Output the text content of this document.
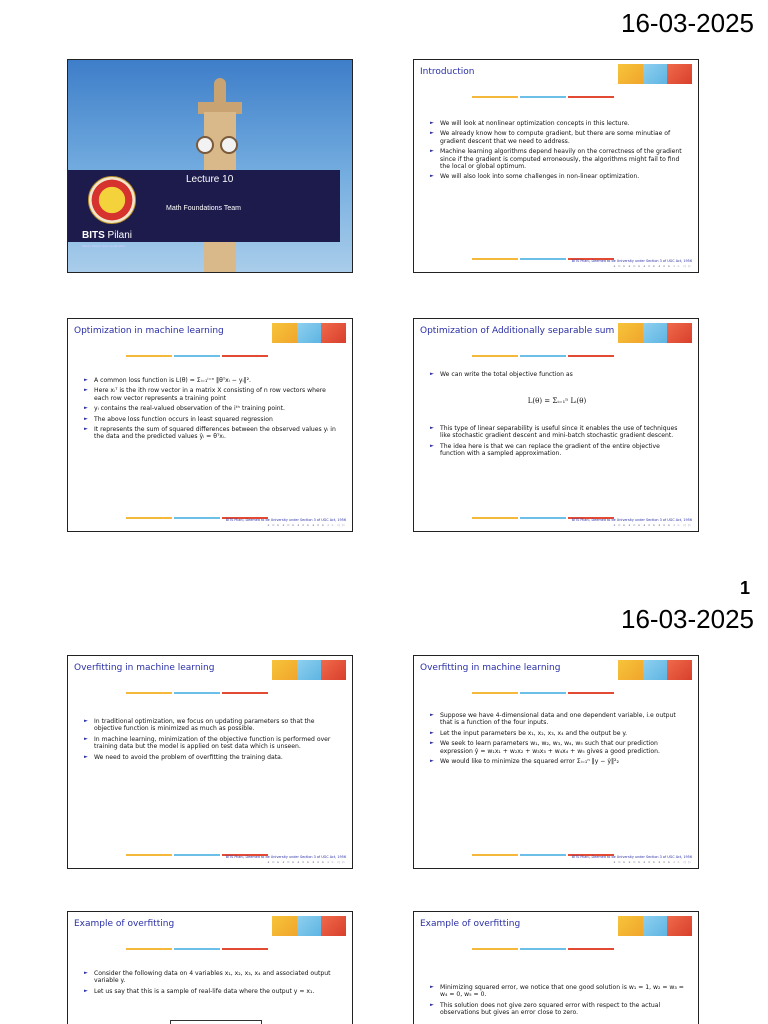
16-03-2025
Lecture 10
Math Foundations Team
BITS Pilani
Pilani | Dubai | Goa | Hyderabad
Introduction
► We will look at nonlinear optimization concepts in this lecture.
► We already know how to compute gradient, but there are some minutiae of gradient descent that we need to address.
► Machine learning algorithms depend heavily on the correctness of the gradient since if the gradient is computed erroneously, the algorithms might fail to find the local or global optimum.
► We will also look into some challenges in non-linear optimization.
BITS Pilani, Deemed to be University under Section 3 of UGC Act, 1956
◂ ▫ ▸ ◂ ▫ ▸ ◂ ▫ ▸ ◂ ▫ ▸ ◃ ▹ ◁ ▷
Optimization in machine learning
► A common loss function is L(θ) = Σᵢ₌₁ⁱ⁼ⁿ ‖θᵀxᵢ − yᵢ‖².
► Here xᵢᵀ is the ith row vector in a matrix X consisting of n row vectors where each row vector represents a training point
► yᵢ contains the real-valued observation of the iᵗʰ training point.
► The above loss function occurs in least squared regression
► It represents the sum of squared differences between the observed values yᵢ in the data and the predicted values ŷᵢ = θᵀxᵢ.
BITS Pilani, Deemed to be University under Section 3 of UGC Act, 1956
◂ ▫ ▸ ◂ ▫ ▸ ◂ ▫ ▸ ◂ ▫ ▸ ◃ ▹ ◁ ▷
Optimization of Additionally separable sum
► We can write the total objective function as
L(θ) = Σᵢ₌₁ⁿ Lᵢ(θ)
► This type of linear separability is useful since it enables the use of techniques like stochastic gradient descent and mini-batch stochastic gradient descent.
► The idea here is that we can replace the gradient of the entire objective function with a sampled approximation.
BITS Pilani, Deemed to be University under Section 3 of UGC Act, 1956
◂ ▫ ▸ ◂ ▫ ▸ ◂ ▫ ▸ ◂ ▫ ▸ ◃ ▹ ◁ ▷
1
16-03-2025
Overfitting in machine learning
► In traditional optimization, we focus on updating parameters so that the objective function is minimized as much as possible.
► In machine learning, minimization of the objective function is performed over training data but the model is applied on test data which is unseen.
► We need to avoid the problem of overfitting the training data.
BITS Pilani, Deemed to be University under Section 3 of UGC Act, 1956
◂ ▫ ▸ ◂ ▫ ▸ ◂ ▫ ▸ ◂ ▫ ▸ ◃ ▹ ◁ ▷
Overfitting in machine learning
► Suppose we have 4-dimensional data and one dependent variable, i.e output that is a function of the four inputs.
► Let the input parameters be x₁, x₂, x₃, x₄ and the output be y.
► We seek to learn parameters w₁, w₂, w₃, w₄, w₅ such that our prediction expression ŷ = w₁x₁ + w₂x₂ + w₃x₃ + w₄x₄ + w₅ gives a good prediction.
► We would like to minimize the squared error Σᵢ₌₁ⁿ ‖y − ŷ‖²₂
BITS Pilani, Deemed to be University under Section 3 of UGC Act, 1956
◂ ▫ ▸ ◂ ▫ ▸ ◂ ▫ ▸ ◂ ▫ ▸ ◃ ▹ ◁ ▷
Example of overfitting
► Consider the following data on 4 variables x₁, x₂, x₃, x₄ and associated output variable y.
► Let us say that this is a sample of real-life data where the output y ≈ x₁.
Example of overfitting
► Minimizing squared error, we notice that one good solution is w₁ = 1, w₂ = w₃ = w₄ = 0, w₅ = 0.
► This solution does not give zero squared error with respect to the actual observations but gives an error close to zero.
